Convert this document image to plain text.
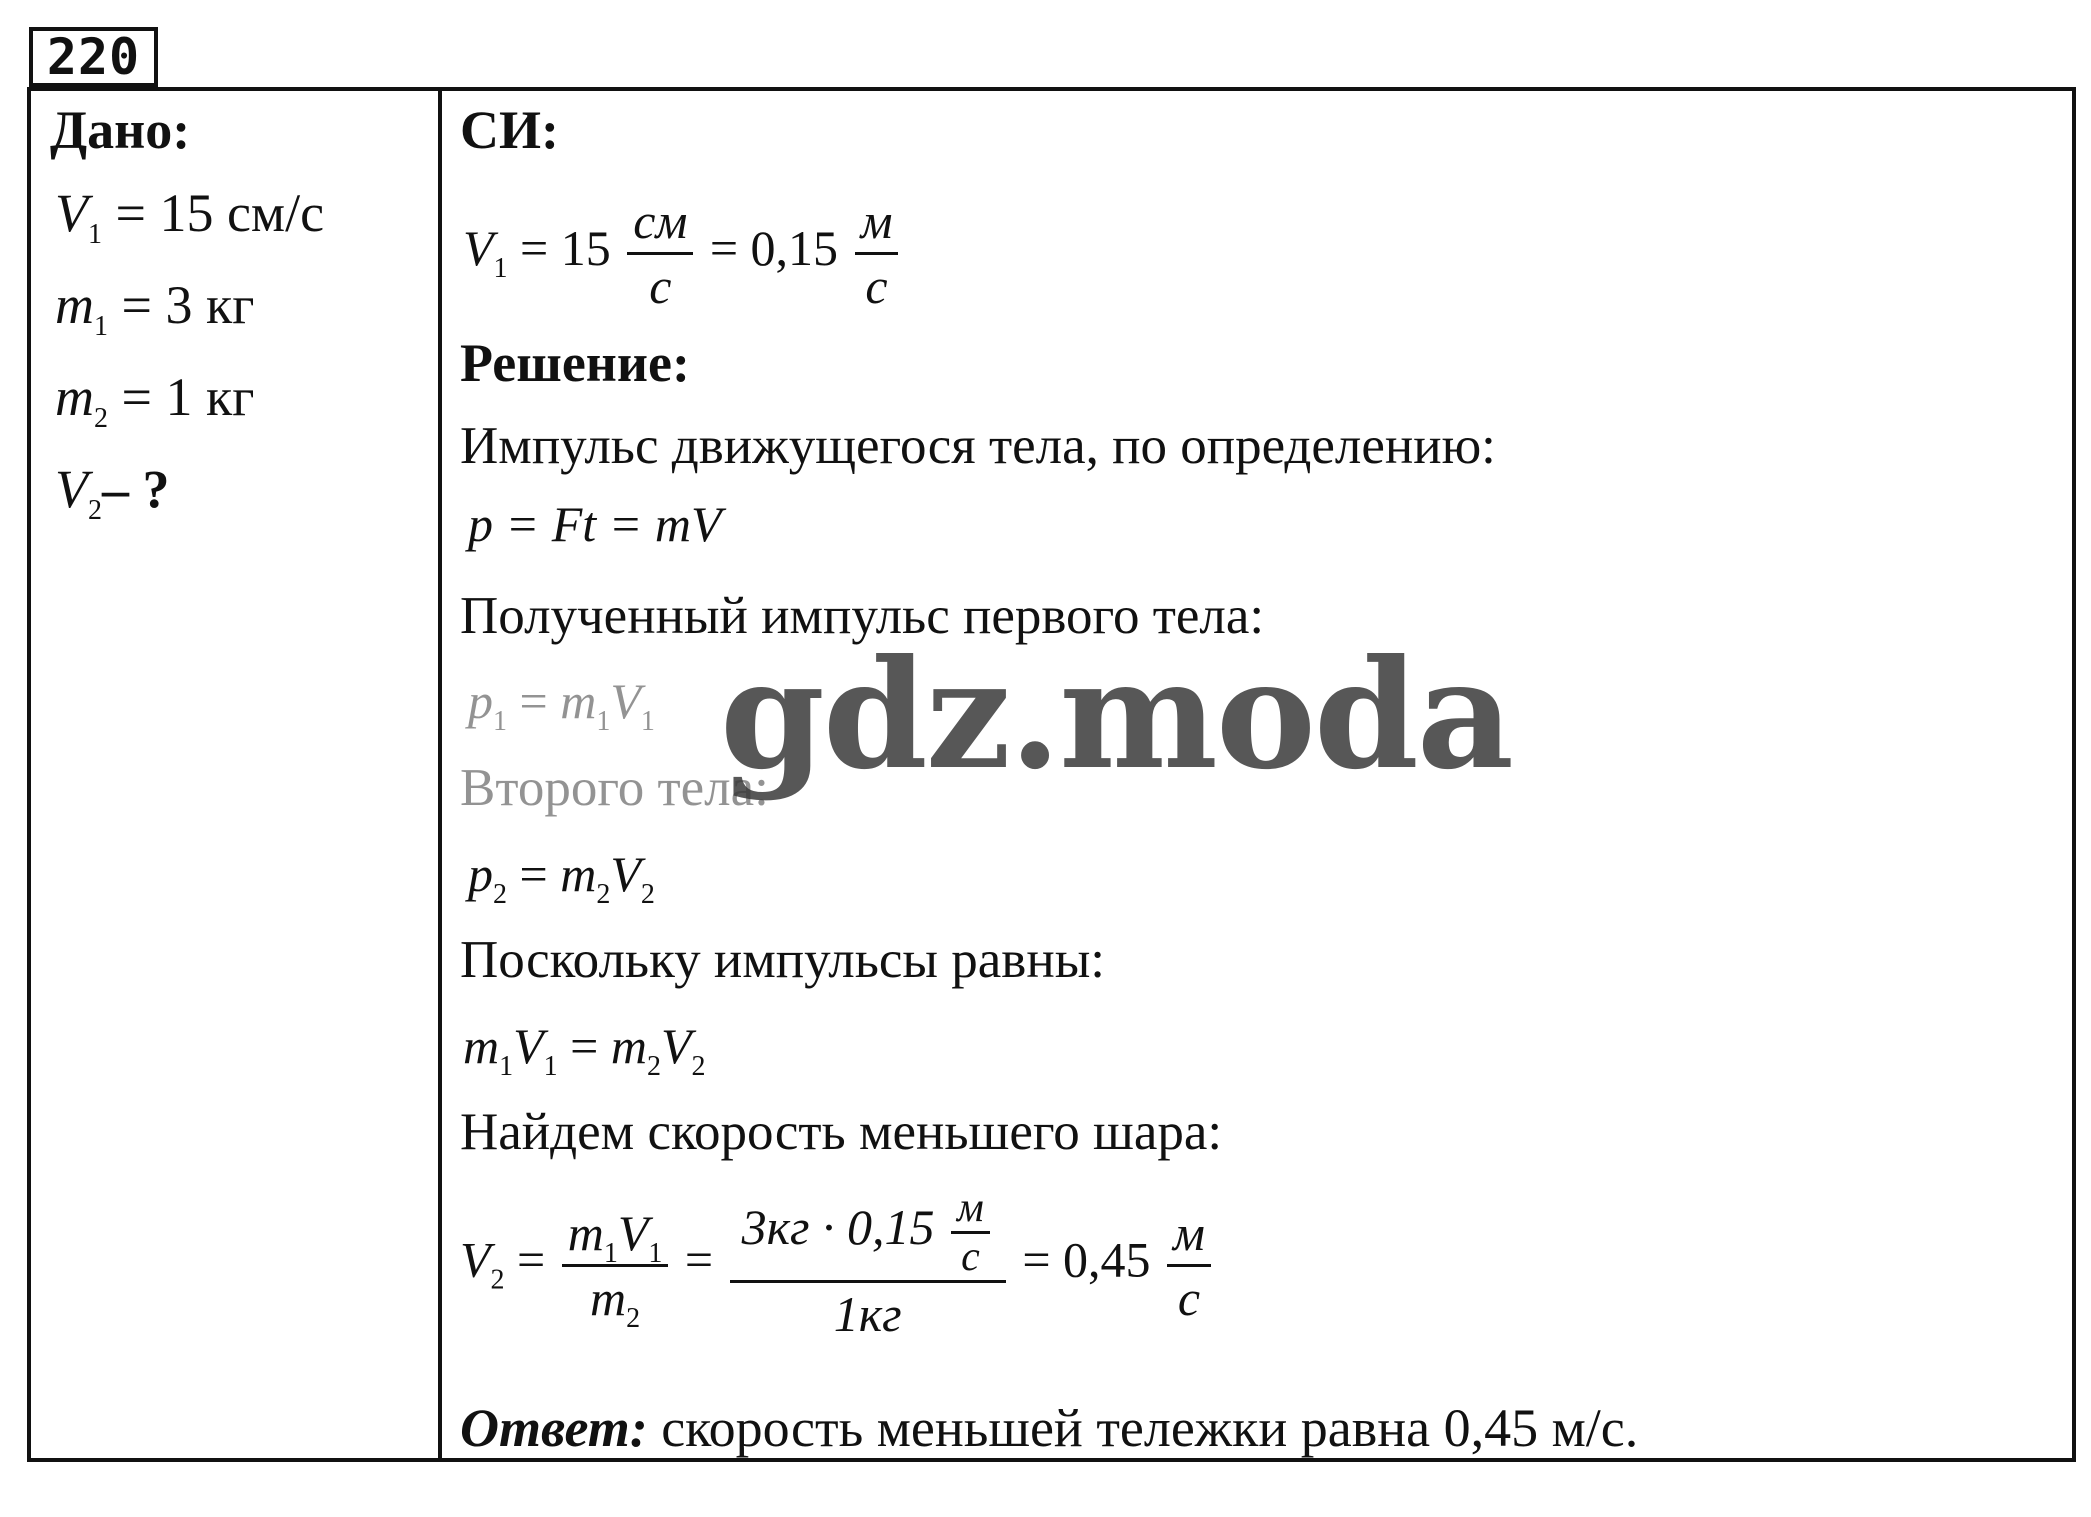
220
Дано:
$V_1 = 15$ см/с
$m_1 = 3$ кг
$m_2 = 1$ кг
$V_2-$ ?
СИ:
$V_1 = 15 \frac{см}{с} = 0,15 \frac{м}{с}$
Решение:
Импульс движущегося тела, по определению:
p = Ft = mV
Полученный импульс первого тела:
$p_1 = m_1V_1$
Второго тела:
$p_2 = m_2V_2$
Поскольку импульсы равны:
$m_1V_1 = m_2V_2$
Найдем скорость меньшего шара:
$V_2 = \frac{m_1V_1}{m_2} = \frac{3кг \cdot 0,15 \frac{м}{с}}{1кг} = 0,45 \frac{м}{с}$
Ответ: скорость меньшей тележки равна 0,45 м/с.
gdz.moda
